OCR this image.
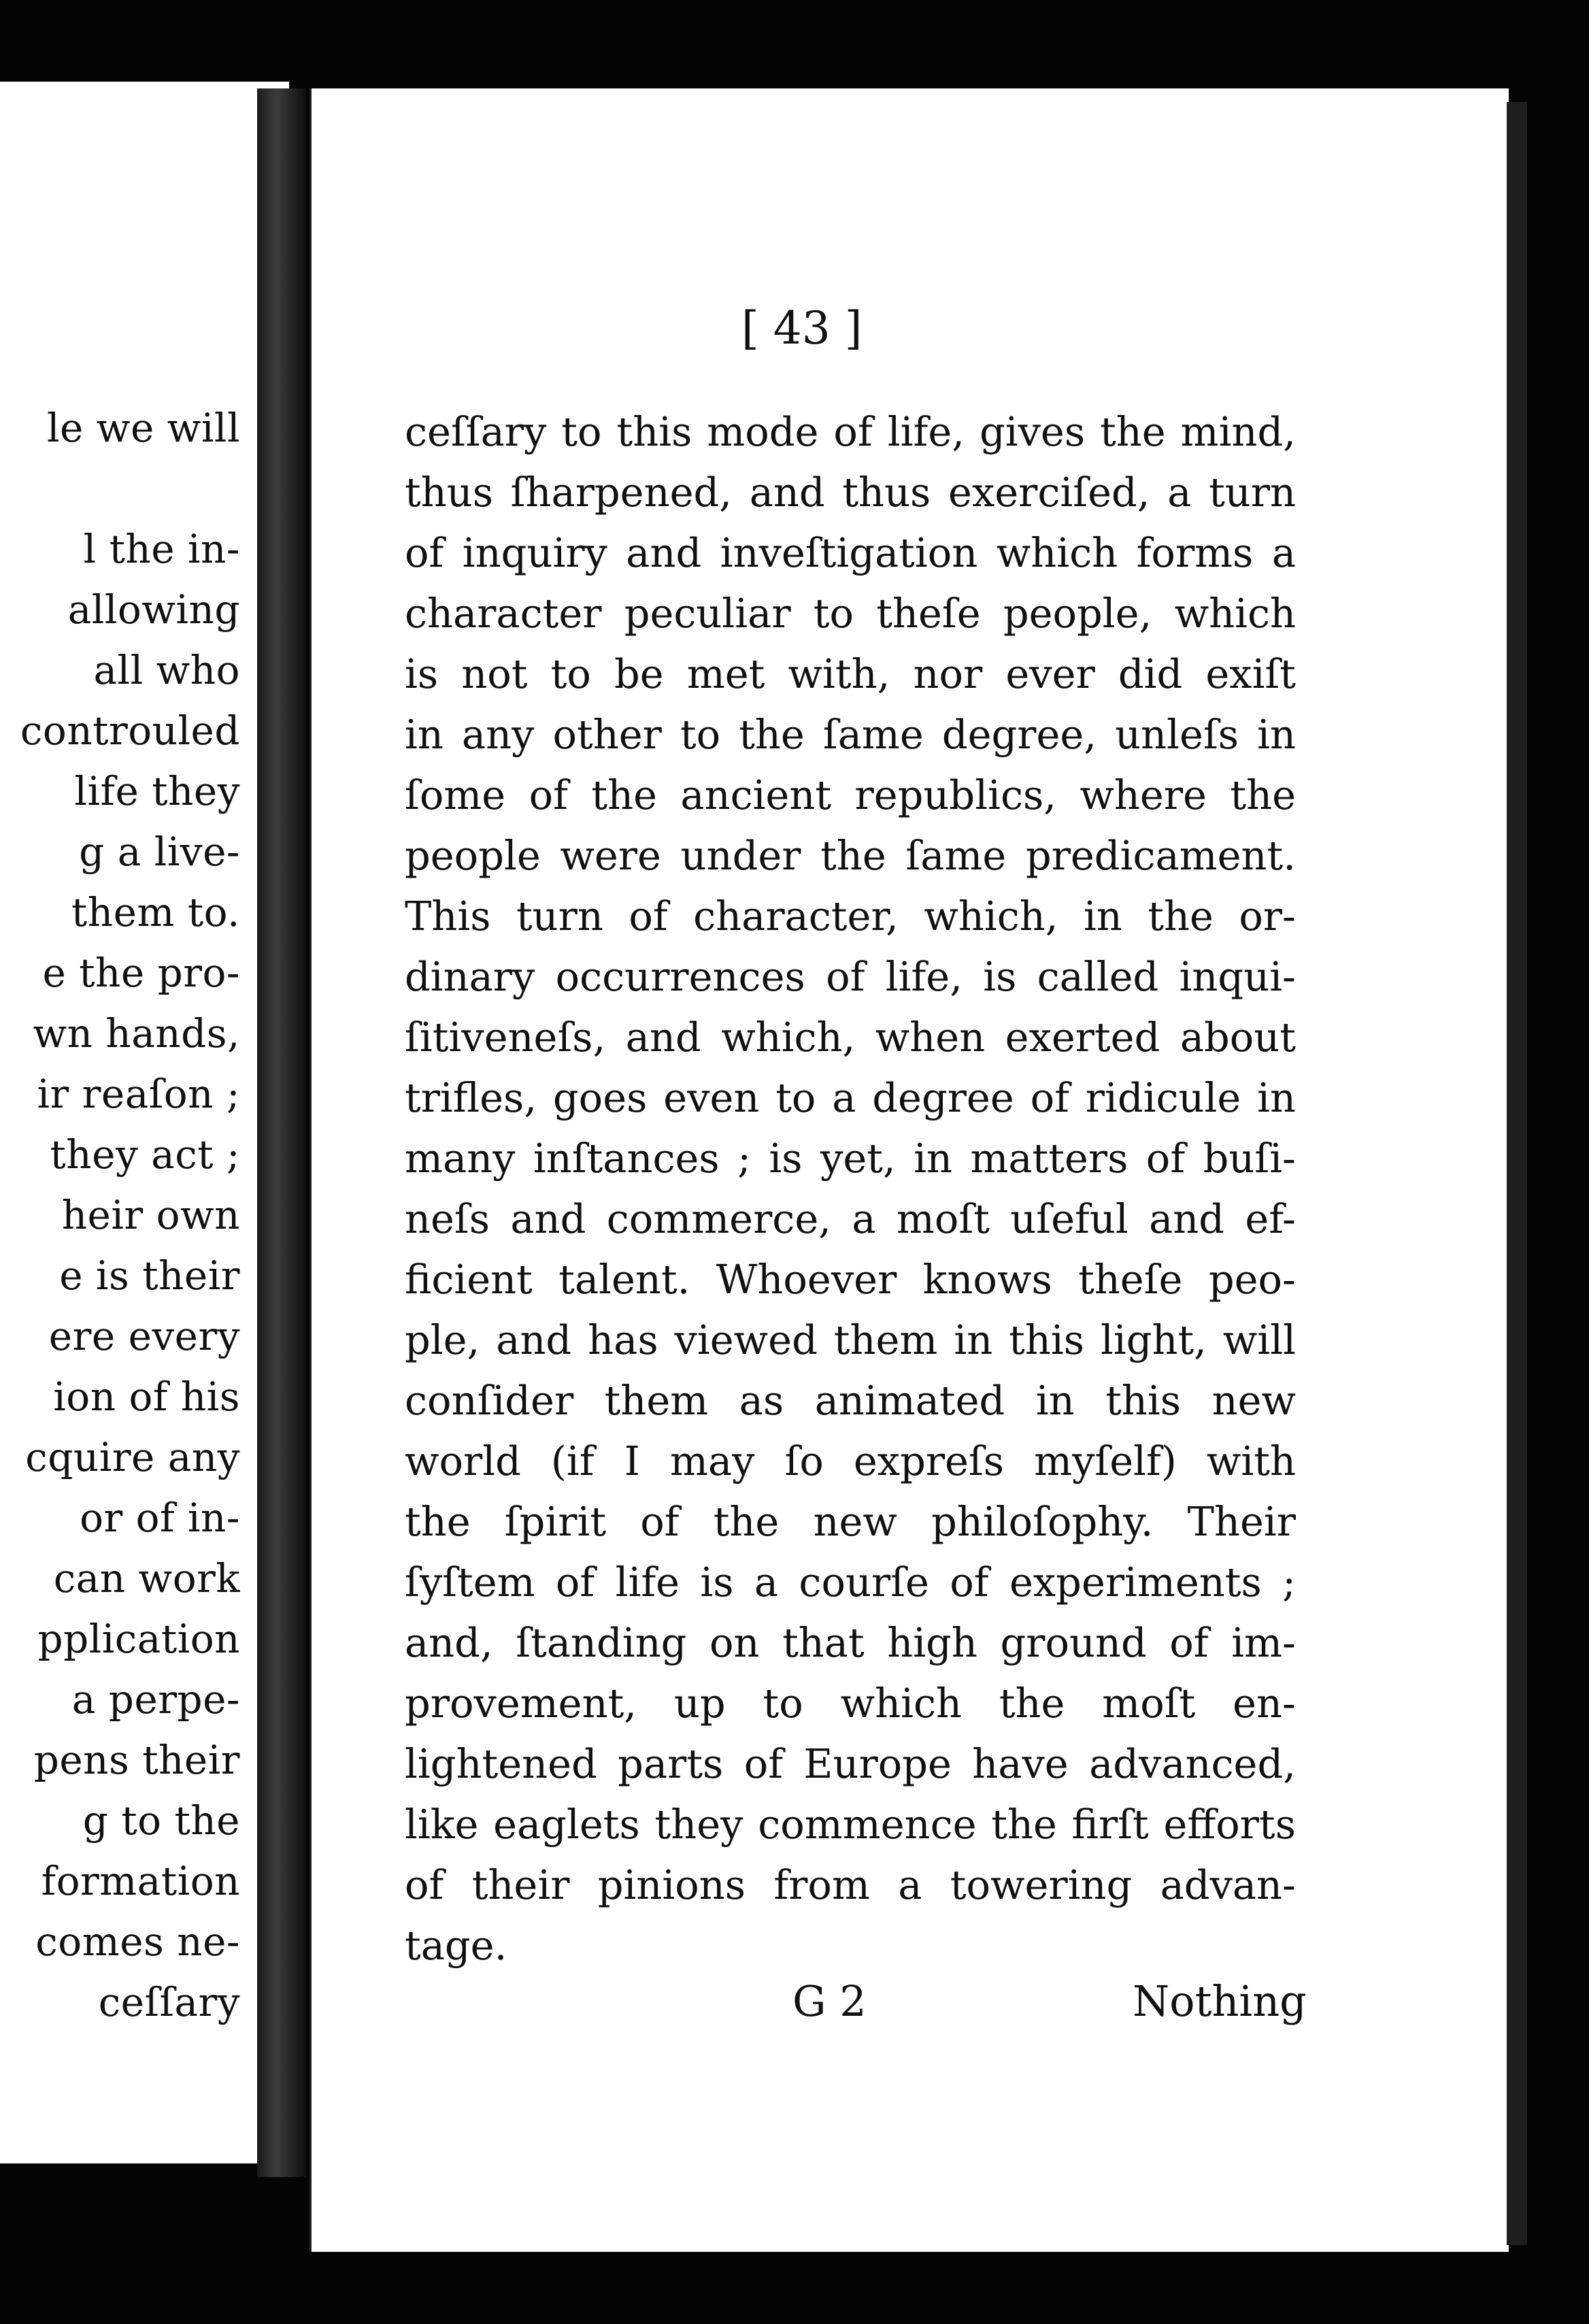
le we will
l the in-
allowing
all who
controuled
life they
g a live-
them to.
e the pro-
wn hands,
ir reaſon ;
they act ;
heir own
e is their
ere every
ion of his
cquire any
or of in-
can work
pplication
a perpe-
pens their
g to the
formation
comes ne-
ceſſary
[ 43 ]
ceſſary to this mode of life, gives the mind,
thus ſharpened, and thus exerciſed, a turn
of inquiry and inveſtigation which forms a
character peculiar to theſe people, which
is not to be met with, nor ever did exiſt
in any other to the ſame degree, unleſs in
ſome of the ancient republics, where the
people were under the ſame predicament.
This turn of character, which, in the or-
dinary occurrences of life, is called inqui-
ſitiveneſs, and which, when exerted about
trifles, goes even to a degree of ridicule in
many inſtances ; is yet, in matters of buſi-
neſs and commerce, a moſt uſeful and ef-
ficient talent. Whoever knows theſe peo-
ple, and has viewed them in this light, will
conſider them as animated in this new
world (if I may ſo expreſs myſelf) with
the ſpirit of the new philoſophy. Their
ſyſtem of life is a courſe of experiments ;
and, ſtanding on that high ground of im-
provement, up to which the moſt en-
lightened parts of Europe have advanced,
like eaglets they commence the firſt efforts
of their pinions from a towering advan-
tage.
G 2	Nothing
